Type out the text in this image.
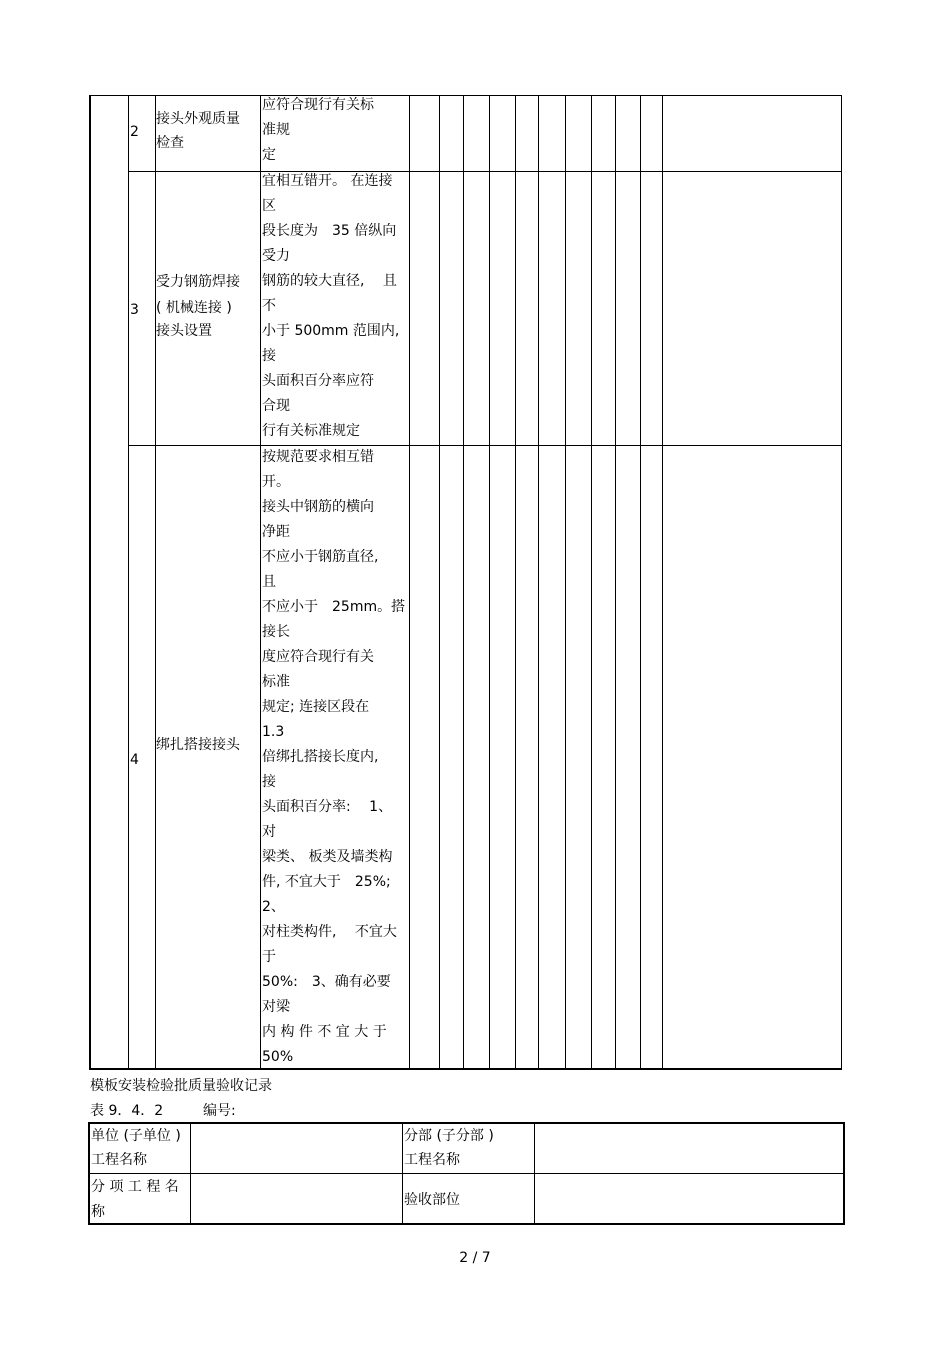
2
接头外观质量
检查
应符合现行有关标
准规
定
3
受力钢筋焊接
( 机械连接 )
接头设置
宜相互错开。 在连接
区
段长度为　35 倍纵向
受力
钢筋的较大直径,　 且
不
小于 500mm 范围内,
接
头面积百分率应符
合现
行有关标准规定
4
绑扎搭接接头
按规范要求相互错
开。
接头中钢筋的横向
净距
不应小于钢筋直径,
且
不应小于　25mm。搭
接长
度应符合现行有关
标准
规定; 连接区段在
1.3
倍绑扎搭接长度内,
接
头面积百分率:　 1、
对
梁类、 板类及墙类构
件, 不宜大于　25%;
2、
对柱类构件,　 不宜大
于
50%:　3、确有必要
对梁
内 构 件 不 宜 大 于
50%
模板安装检验批质量验收记录
表 9．4．2	编号:
单位 (子单位 )
工程名称
分部 (子分部 )
工程名称
分 项 工 程 名
称
验收部位
2 / 7
